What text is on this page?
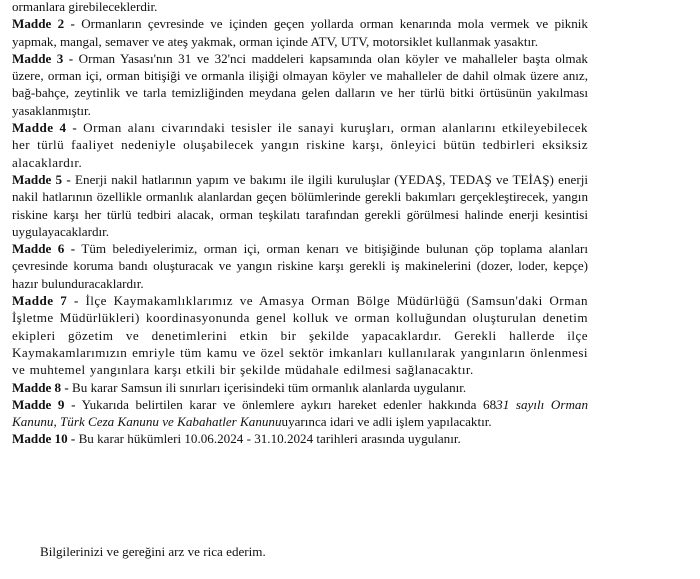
ormanlara girebileceklerdir.

Madde 2 - Ormanların çevresinde ve içinden geçen yollarda orman kenarında mola vermek ve piknik yapmak, mangal, semaver ve ateş yakmak, orman içinde ATV, UTV, motorsiklet kullanmak yasaktır.

Madde 3 - Orman Yasası'nın 31 ve 32'nci maddeleri kapsamında olan köyler ve mahalleler başta olmak üzere, orman içi, orman bitişiği ve ormanla ilişiği olmayan köyler ve mahalleler de dahil olmak üzere anız, bağ-bahçe, zeytinlik ve tarla temizliğinden meydana gelen dalların ve her türlü bitki örtüsünün yakılması yasaklanmıştır.

Madde 4 - Orman alanı civarındaki tesisler ile sanayi kuruşları, orman alanlarını etkileyebilecek her türlü faaliyet nedeniyle oluşabilecek yangın riskine karşı, önleyici bütün tedbirleri eksiksiz alacaklardır.

Madde 5 - Enerji nakil hatlarının yapım ve bakımı ile ilgili kuruluşlar (YEDAŞ, TEDAŞ ve TEİAŞ) enerji nakil hatlarının özellikle ormanlık alanlardan geçen bölümlerinde gerekli bakımları gerçekleştirecek, yangın riskine karşı her türlü tedbiri alacak, orman teşkilatı tarafından gerekli görülmesi halinde enerji kesintisi uygulayacaklardır.

Madde 6 - Tüm belediyelerimiz, orman içi, orman kenarı ve bitişiğinde bulunan çöp toplama alanları çevresinde koruma bandı oluşturacak ve yangın riskine karşı gerekli iş makinelerini (dozer, loder, kepçe) hazır bulunduracaklardır.

Madde 7 - İlçe Kaymakamlıklarımız ve Amasya Orman Bölge Müdürlüğü (Samsun'daki Orman İşletme Müdürlükleri) koordinasyonunda genel kolluk ve orman kolluğundan oluşturulan denetim ekipleri gözetim ve denetimlerini etkin bir şekilde yapacaklardır. Gerekli hallerde ilçe Kaymakamlarımızın emriyle tüm kamu ve özel sektör imkanları kullanılarak yangınların önlenmesi ve muhtemel yangınlara karşı etkili bir şekilde müdahale edilmesi sağlanacaktır.

Madde 8 - Bu karar Samsun ili sınırları içerisindeki tüm ormanlık alanlarda uygulanır.

Madde 9 - Yukarıda belirtilen karar ve önlemlere aykırı hareket edenler hakkında 6831 sayılı Orman Kanunu, Türk Ceza Kanunu ve Kabahatler Kanunuuyarınca idari ve adli işlem yapılacaktır.

Madde 10 - Bu karar hükümleri 10.06.2024 - 31.10.2024 tarihleri arasında uygulanır.

Bilgilerinizi ve gereğini arz ve rica ederim.
